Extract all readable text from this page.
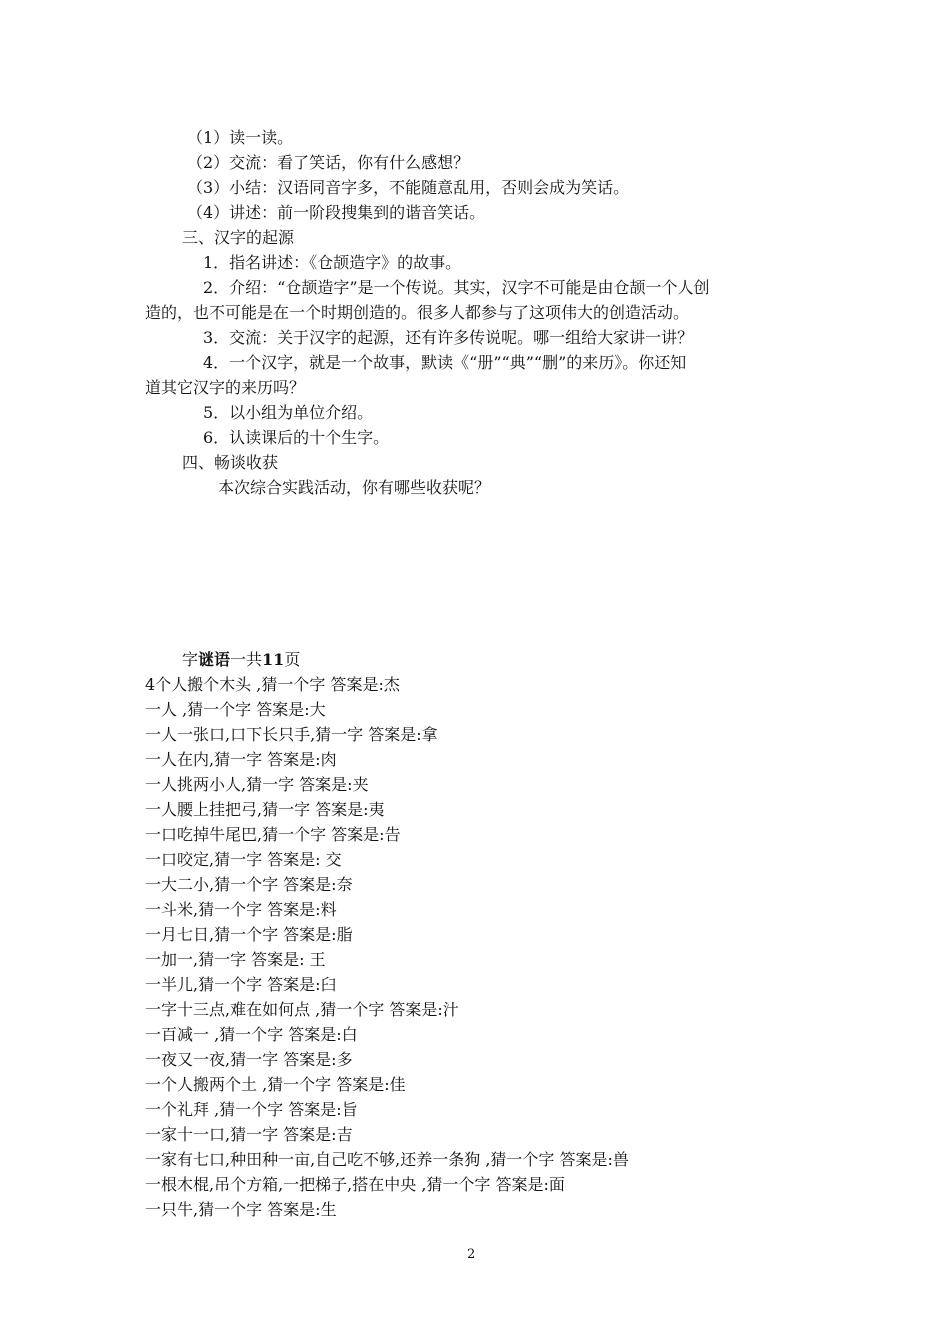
（1）读一读。
（2）交流：看了笑话，你有什么感想？
（3）小结：汉语同音字多，不能随意乱用，否则会成为笑话。
（4）讲述：前一阶段搜集到的谐音笑话。
三、汉字的起源
1．指名讲述：《仓颉造字》的故事。
2．介绍：“仓颉造字”是一个传说。其实，汉字不可能是由仓颉一个人创
造的，也不可能是在一个时期创造的。很多人都参与了这项伟大的创造活动。
3．交流：关于汉字的起源，还有许多传说呢。哪一组给大家讲一讲？
4．一个汉字，就是一个故事，默读《“册”“典”“删”的来历》。你还知
道其它汉字的来历吗？
5．以小组为单位介绍。
6．认读课后的十个生字。
四、畅谈收获
本次综合实践活动，你有哪些收获呢？
字谜语一共11页
4个人搬个木头 ,猜一个字 答案是:杰
一人 ,猜一个字 答案是:大
一人一张口,口下长只手,猜一字 答案是:拿
一人在内,猜一字 答案是:肉
一人挑两小人,猜一字 答案是:夹
一人腰上挂把弓,猜一字 答案是:夷
一口吃掉牛尾巴,猜一个字 答案是:告
一口咬定,猜一字 答案是: 交
一大二小,猜一个字 答案是:奈
一斗米,猜一个字 答案是:料
一月七日,猜一个字 答案是:脂
一加一,猜一字 答案是: 王
一半儿,猜一个字 答案是:臼
一字十三点,难在如何点 ,猜一个字 答案是:汁
一百减一 ,猜一个字 答案是:白
一夜又一夜,猜一字 答案是:多
一个人搬两个土 ,猜一个字 答案是:佳
一个礼拜 ,猜一个字 答案是:旨
一家十一口,猜一字 答案是:吉
一家有七口,种田种一亩,自己吃不够,还养一条狗 ,猜一个字 答案是:兽
一根木棍,吊个方箱,一把梯子,搭在中央 ,猜一个字 答案是:面
一只牛,猜一个字 答案是:生
2
